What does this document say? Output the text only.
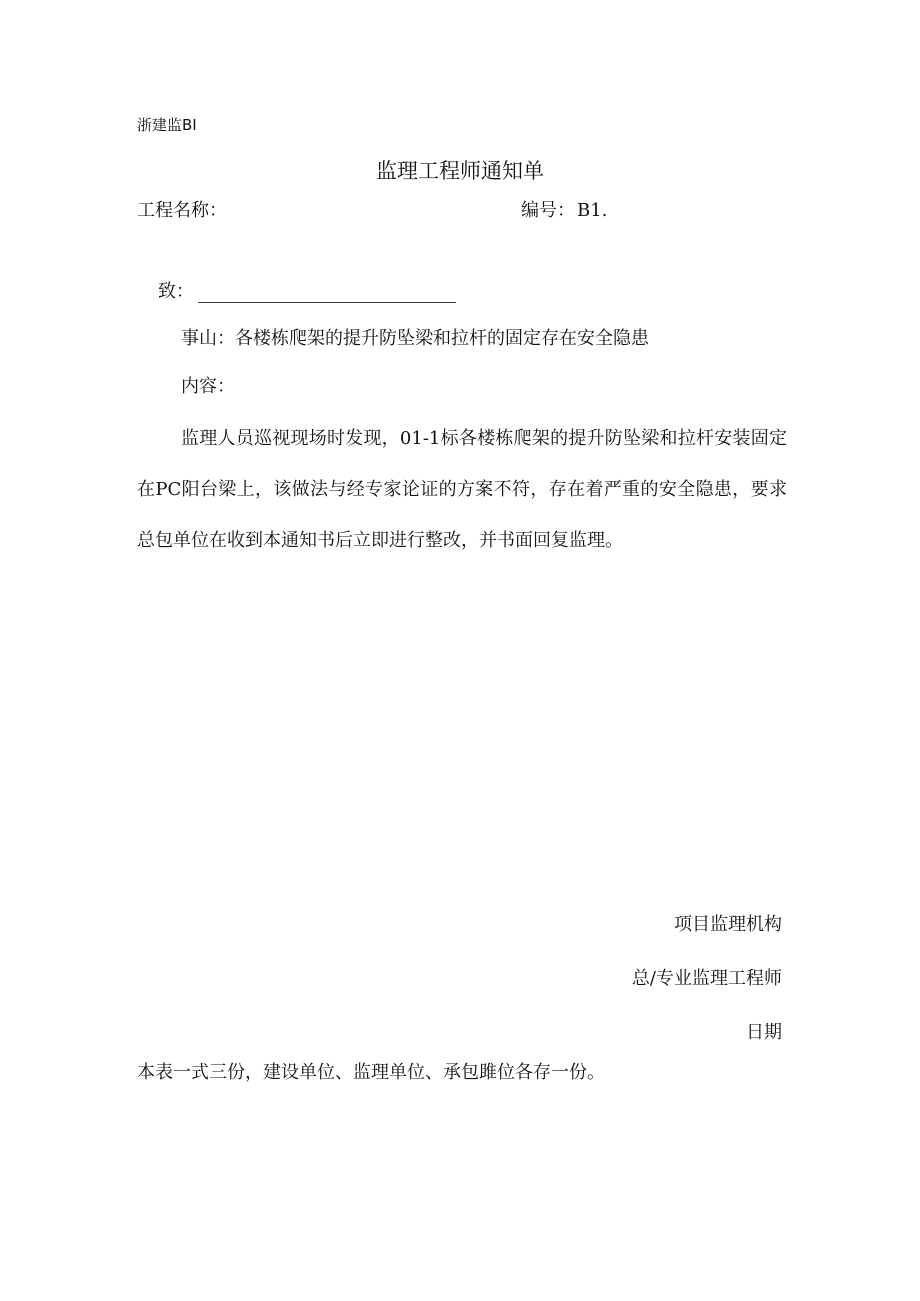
浙建监BI
监理工程师通知单
工程名称：	编号： B1.
致：
事山：各楼栋爬架的提升防坠梁和拉杆的固定存在安全隐患
内容：
监理人员巡视现场时发现，01-1标各楼栋爬架的提升防坠梁和拉杆安装固定在PC阳台梁上，该做法与经专家论证的方案不符，存在着严重的安全隐患，要求总包单位在收到本通知书后立即进行整改，并书面回复监理。
项目监理机构
总/专业监理工程师
日期
本表一式三份，建设单位、监理单位、承包雎位各存一份。
